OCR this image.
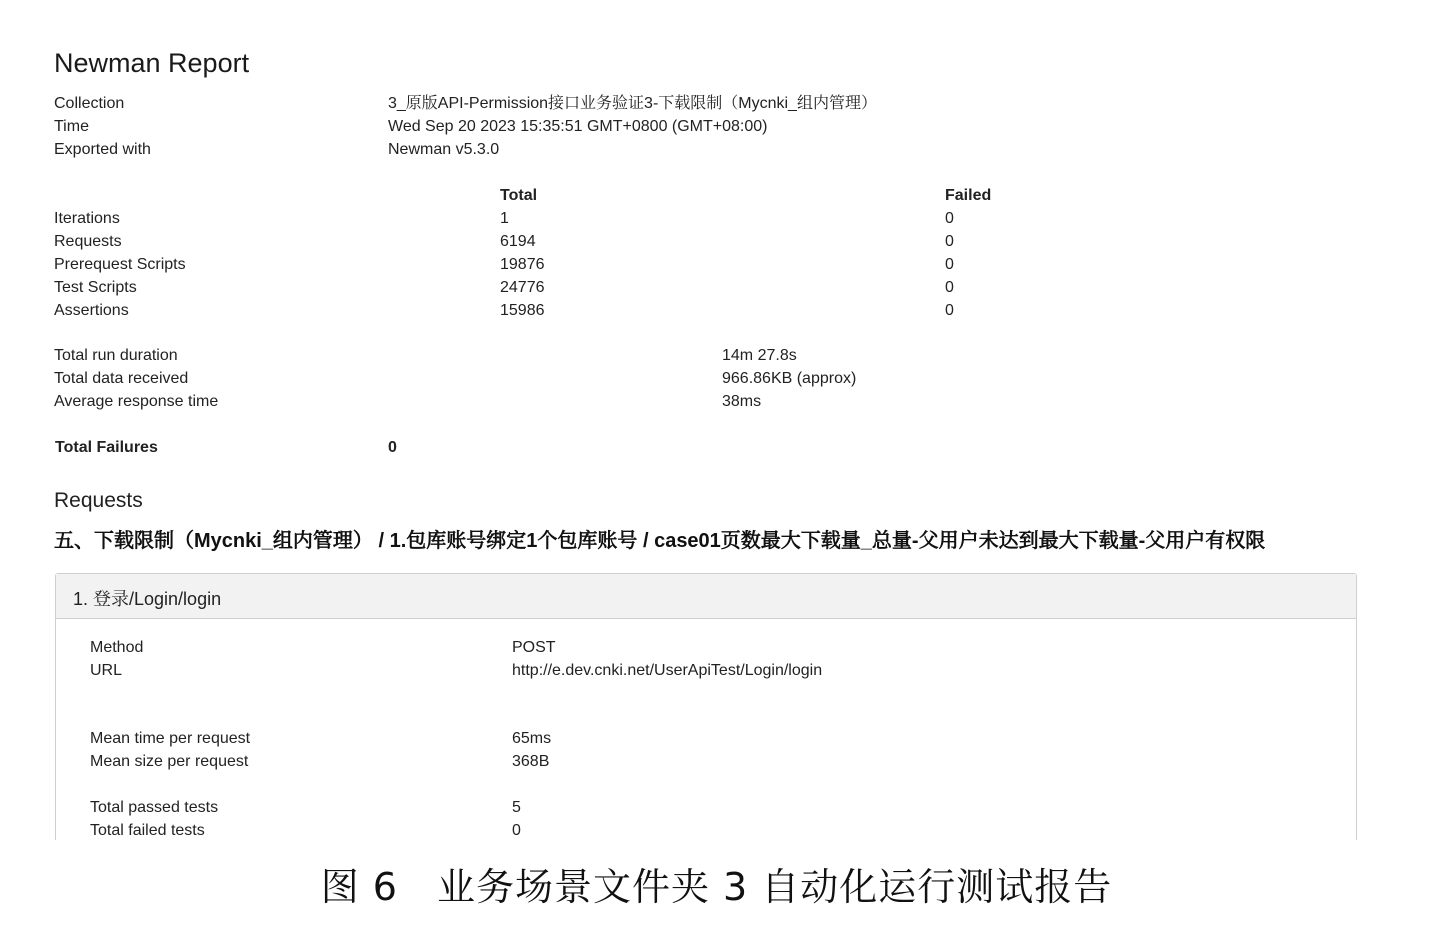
Newman Report
Collection	3_原版API-Permission接口业务验证3-下载限制（Mycnki_组内管理）
Time	Wed Sep 20 2023 15:35:51 GMT+0800 (GMT+08:00)
Exported with	Newman v5.3.0
Total	Failed
Iterations	1	0
Requests	6194	0
Prerequest Scripts	19876	0
Test Scripts	24776	0
Assertions	15986	0
Total run duration	14m 27.8s
Total data received	966.86KB (approx)
Average response time	38ms
Total Failures	0
Requests
五、下载限制（Mycnki_组内管理） / 1.包库账号绑定1个包库账号 / case01页数最大下载量_总量-父用户未达到最大下载量-父用户有权限
1. 登录/Login/login
Method	POST
URL	http://e.dev.cnki.net/UserApiTest/Login/login
Mean time per request	65ms
Mean size per request	368B
Total passed tests	5
Total failed tests	0
图 6　业务场景文件夹 3 自动化运行测试报告
